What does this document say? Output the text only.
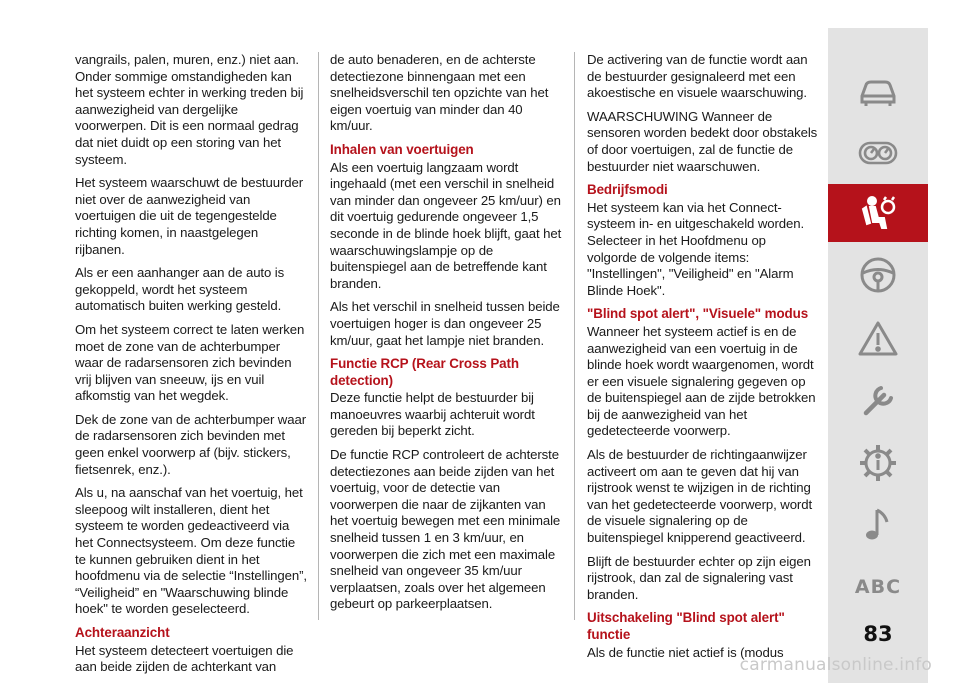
vangrails, palen, muren, enz.) niet aan. Onder sommige omstandigheden kan het systeem echter in werking treden bij aanwezigheid van dergelijke voorwerpen. Dit is een normaal gedrag dat niet duidt op een storing van het systeem.

Het systeem waarschuwt de bestuurder niet over de aanwezigheid van voertuigen die uit de tegengestelde richting komen, in naastgelegen rijbanen.

Als er een aanhanger aan de auto is gekoppeld, wordt het systeem automatisch buiten werking gesteld.

Om het systeem correct te laten werken moet de zone van de achterbumper waar de radarsensoren zich bevinden vrij blijven van sneeuw, ijs en vuil afkomstig van het wegdek.

Dek de zone van de achterbumper waar de radarsensoren zich bevinden met geen enkel voorwerp af (bijv. stickers, fietsenrek, enz.).

Als u, na aanschaf van het voertuig, het sleepoog wilt installeren, dient het systeem te worden gedeactiveerd via het Connectsysteem. Om deze functie te kunnen gebruiken dient in het hoofdmenu via de selectie “Instellingen”, “Veiligheid” en "Waarschuwing blinde hoek" te worden geselecteerd.

Achteraanzicht

Het systeem detecteert voertuigen die aan beide zijden de achterkant van

de auto benaderen, en de achterste detectiezone binnengaan met een snelheidsverschil ten opzichte van het eigen voertuig van minder dan 40 km/uur.

Inhalen van voertuigen

Als een voertuig langzaam wordt ingehaald (met een verschil in snelheid van minder dan ongeveer 25 km/uur) en dit voertuig gedurende ongeveer 1,5 seconde in de blinde hoek blijft, gaat het waarschuwingslampje op de buitenspiegel aan de betreffende kant branden.

Als het verschil in snelheid tussen beide voertuigen hoger is dan ongeveer 25 km/uur, gaat het lampje niet branden.

Functie RCP (Rear Cross Path detection)

Deze functie helpt de bestuurder bij manoeuvres waarbij achteruit wordt gereden bij beperkt zicht.

De functie RCP controleert de achterste detectiezones aan beide zijden van het voertuig, voor de detectie van voorwerpen die naar de zijkanten van het voertuig bewegen met een minimale snelheid tussen 1 en 3 km/uur, en voorwerpen die zich met een maximale snelheid van ongeveer 35 km/uur verplaatsen, zoals over het algemeen gebeurt op parkeerplaatsen.

De activering van de functie wordt aan de bestuurder gesignaleerd met een akoestische en visuele waarschuwing.

WAARSCHUWING Wanneer de sensoren worden bedekt door obstakels of door voertuigen, zal de functie de bestuurder niet waarschuwen.

Bedrijfsmodi

Het systeem kan via het Connect-systeem in- en uitgeschakeld worden. Selecteer in het Hoofdmenu op volgorde de volgende items: "Instellingen", "Veiligheid" en "Alarm Blinde Hoek".

"Blind spot alert", "Visuele" modus

Wanneer het systeem actief is en de aanwezigheid van een voertuig in de blinde hoek wordt waargenomen, wordt er een visuele signalering gegeven op de buitenspiegel aan de zijde betrokken bij de aanwezigheid van het gedetecteerde voorwerp.

Als de bestuurder de richtingaanwijzer activeert om aan te geven dat hij van rijstrook wenst te wijzigen in de richting van het gedetecteerde voorwerp, wordt de visuele signalering op de buitenspiegel knipperend geactiveerd.

Blijft de bestuurder echter op zijn eigen rijstrook, dan zal de signalering vast branden.

Uitschakeling "Blind spot alert" functie

Als de functie niet actief is (modus

ABC
83
carmanualsonline.info
